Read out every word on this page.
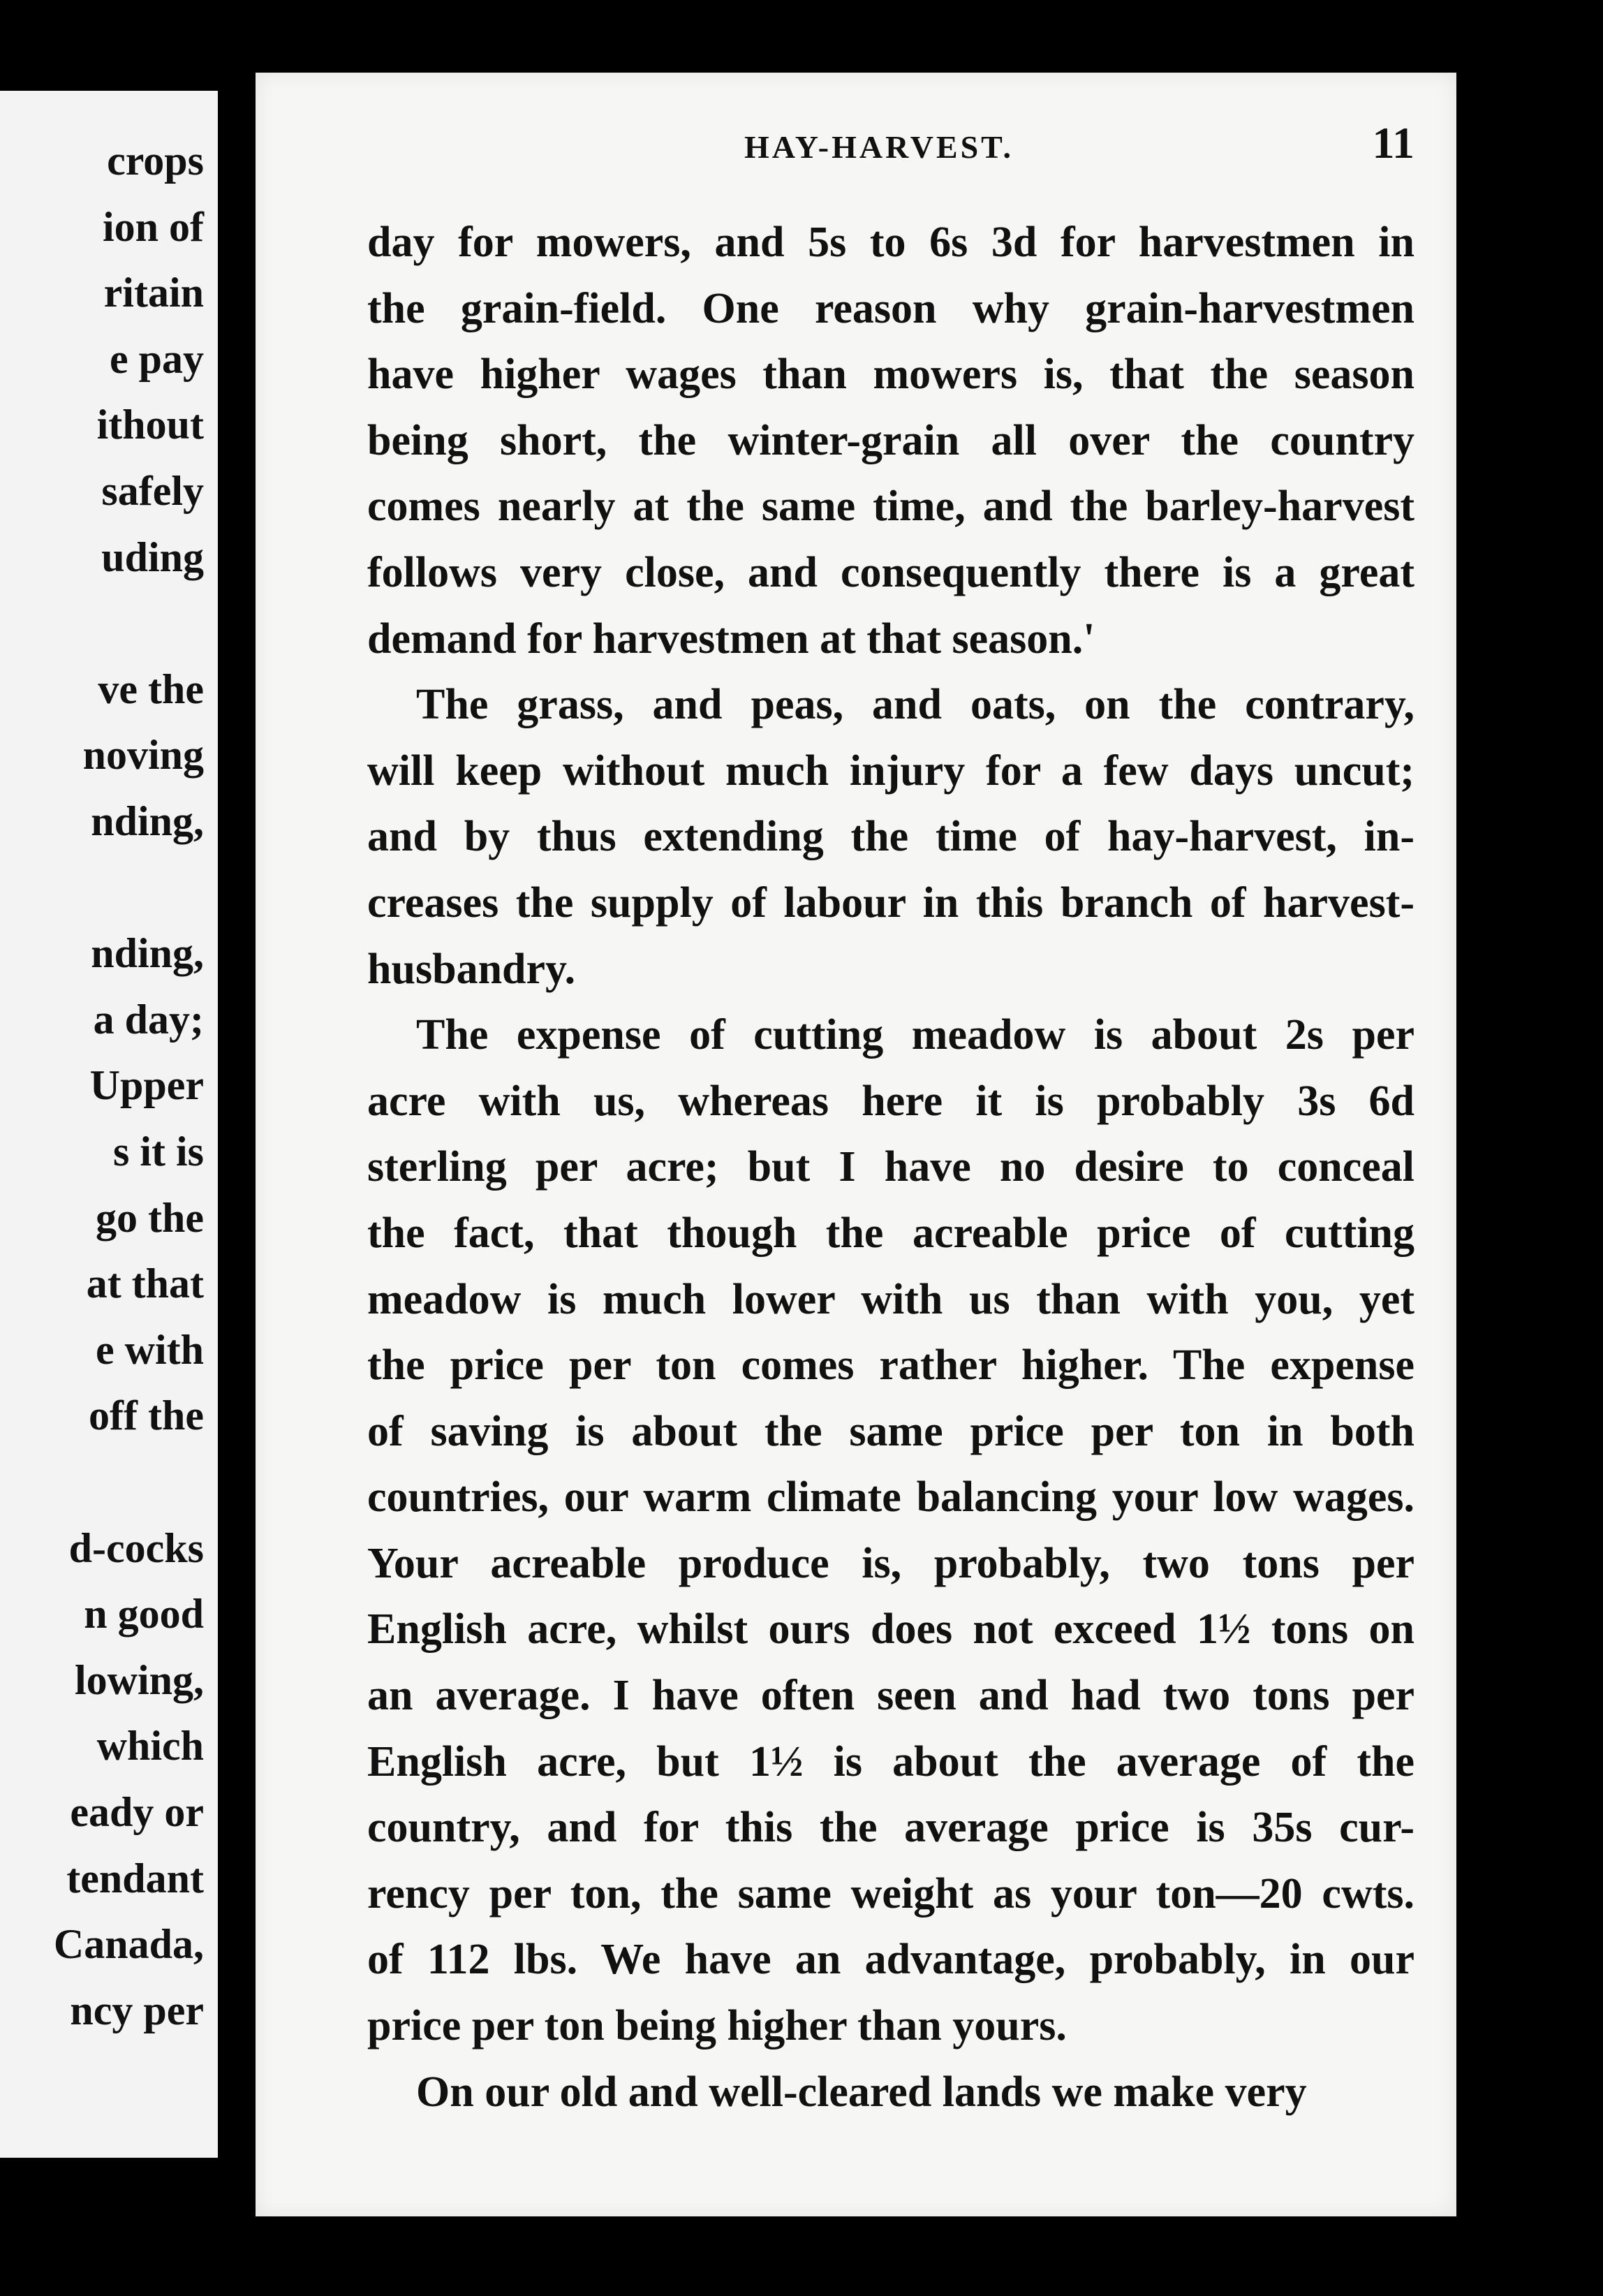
crops
ion of
ritain
e pay
ithout
safely
uding
ve the
noving
nding,
nding,
a day;
Upper
s it is
go the
at that
e with
off the
d-cocks
n good
lowing,
which
eady or
tendant
Canada,
ncy per
HAY-HARVEST.	11
day for mowers, and 5s to 6s 3d for harvestmen in
the grain-field. One reason why grain-harvestmen
have higher wages than mowers is, that the season
being short, the winter-grain all over the country
comes nearly at the same time, and the barley-harvest
follows very close, and consequently there is a great
demand for harvestmen at that season.'
The grass, and peas, and oats, on the contrary,
will keep without much injury for a few days uncut;
and by thus extending the time of hay-harvest, in-
creases the supply of labour in this branch of harvest-
husbandry.
The expense of cutting meadow is about 2s per
acre with us, whereas here it is probably 3s 6d
sterling per acre; but I have no desire to conceal
the fact, that though the acreable price of cutting
meadow is much lower with us than with you, yet
the price per ton comes rather higher. The expense
of saving is about the same price per ton in both
countries, our warm climate balancing your low wages.
Your acreable produce is, probably, two tons per
English acre, whilst ours does not exceed 1½ tons on
an average. I have often seen and had two tons per
English acre, but 1½ is about the average of the
country, and for this the average price is 35s cur-
rency per ton, the same weight as your ton—20 cwts.
of 112 lbs. We have an advantage, probably, in our
price per ton being higher than yours.
On our old and well-cleared lands we make very
